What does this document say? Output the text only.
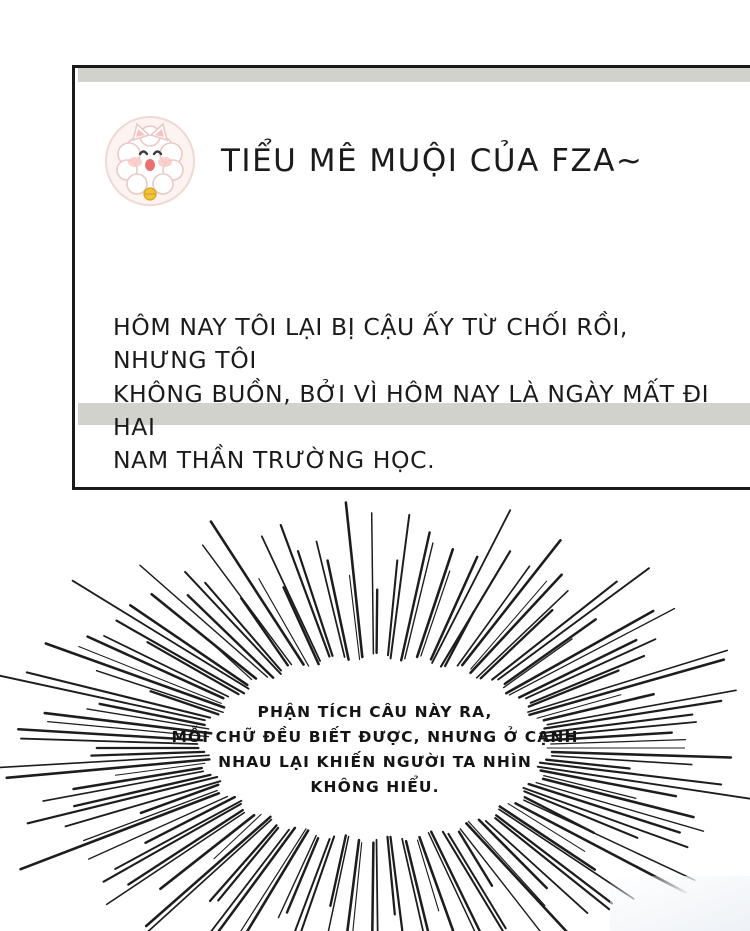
TIỂU MÊ MUỘI CỦA FZA~
HÔM NAY TÔI LẠI BỊ CẬU ẤY TỪ CHỐI RỒI, NHƯNG TÔI
KHÔNG BUỒN, BỞI VÌ HÔM NAY LÀ NGÀY MẤT ĐI HAI
NAM THẦN TRƯỜNG HỌC.
PHẬN TÍCH CÂU NÀY RA,
MỖI CHỮ ĐỀU BIẾT ĐƯỢC, NHƯNG Ở CẠNH
NHAU LẠI KHIẾN NGƯỜI TA NHÌN
KHÔNG HIỂU.
